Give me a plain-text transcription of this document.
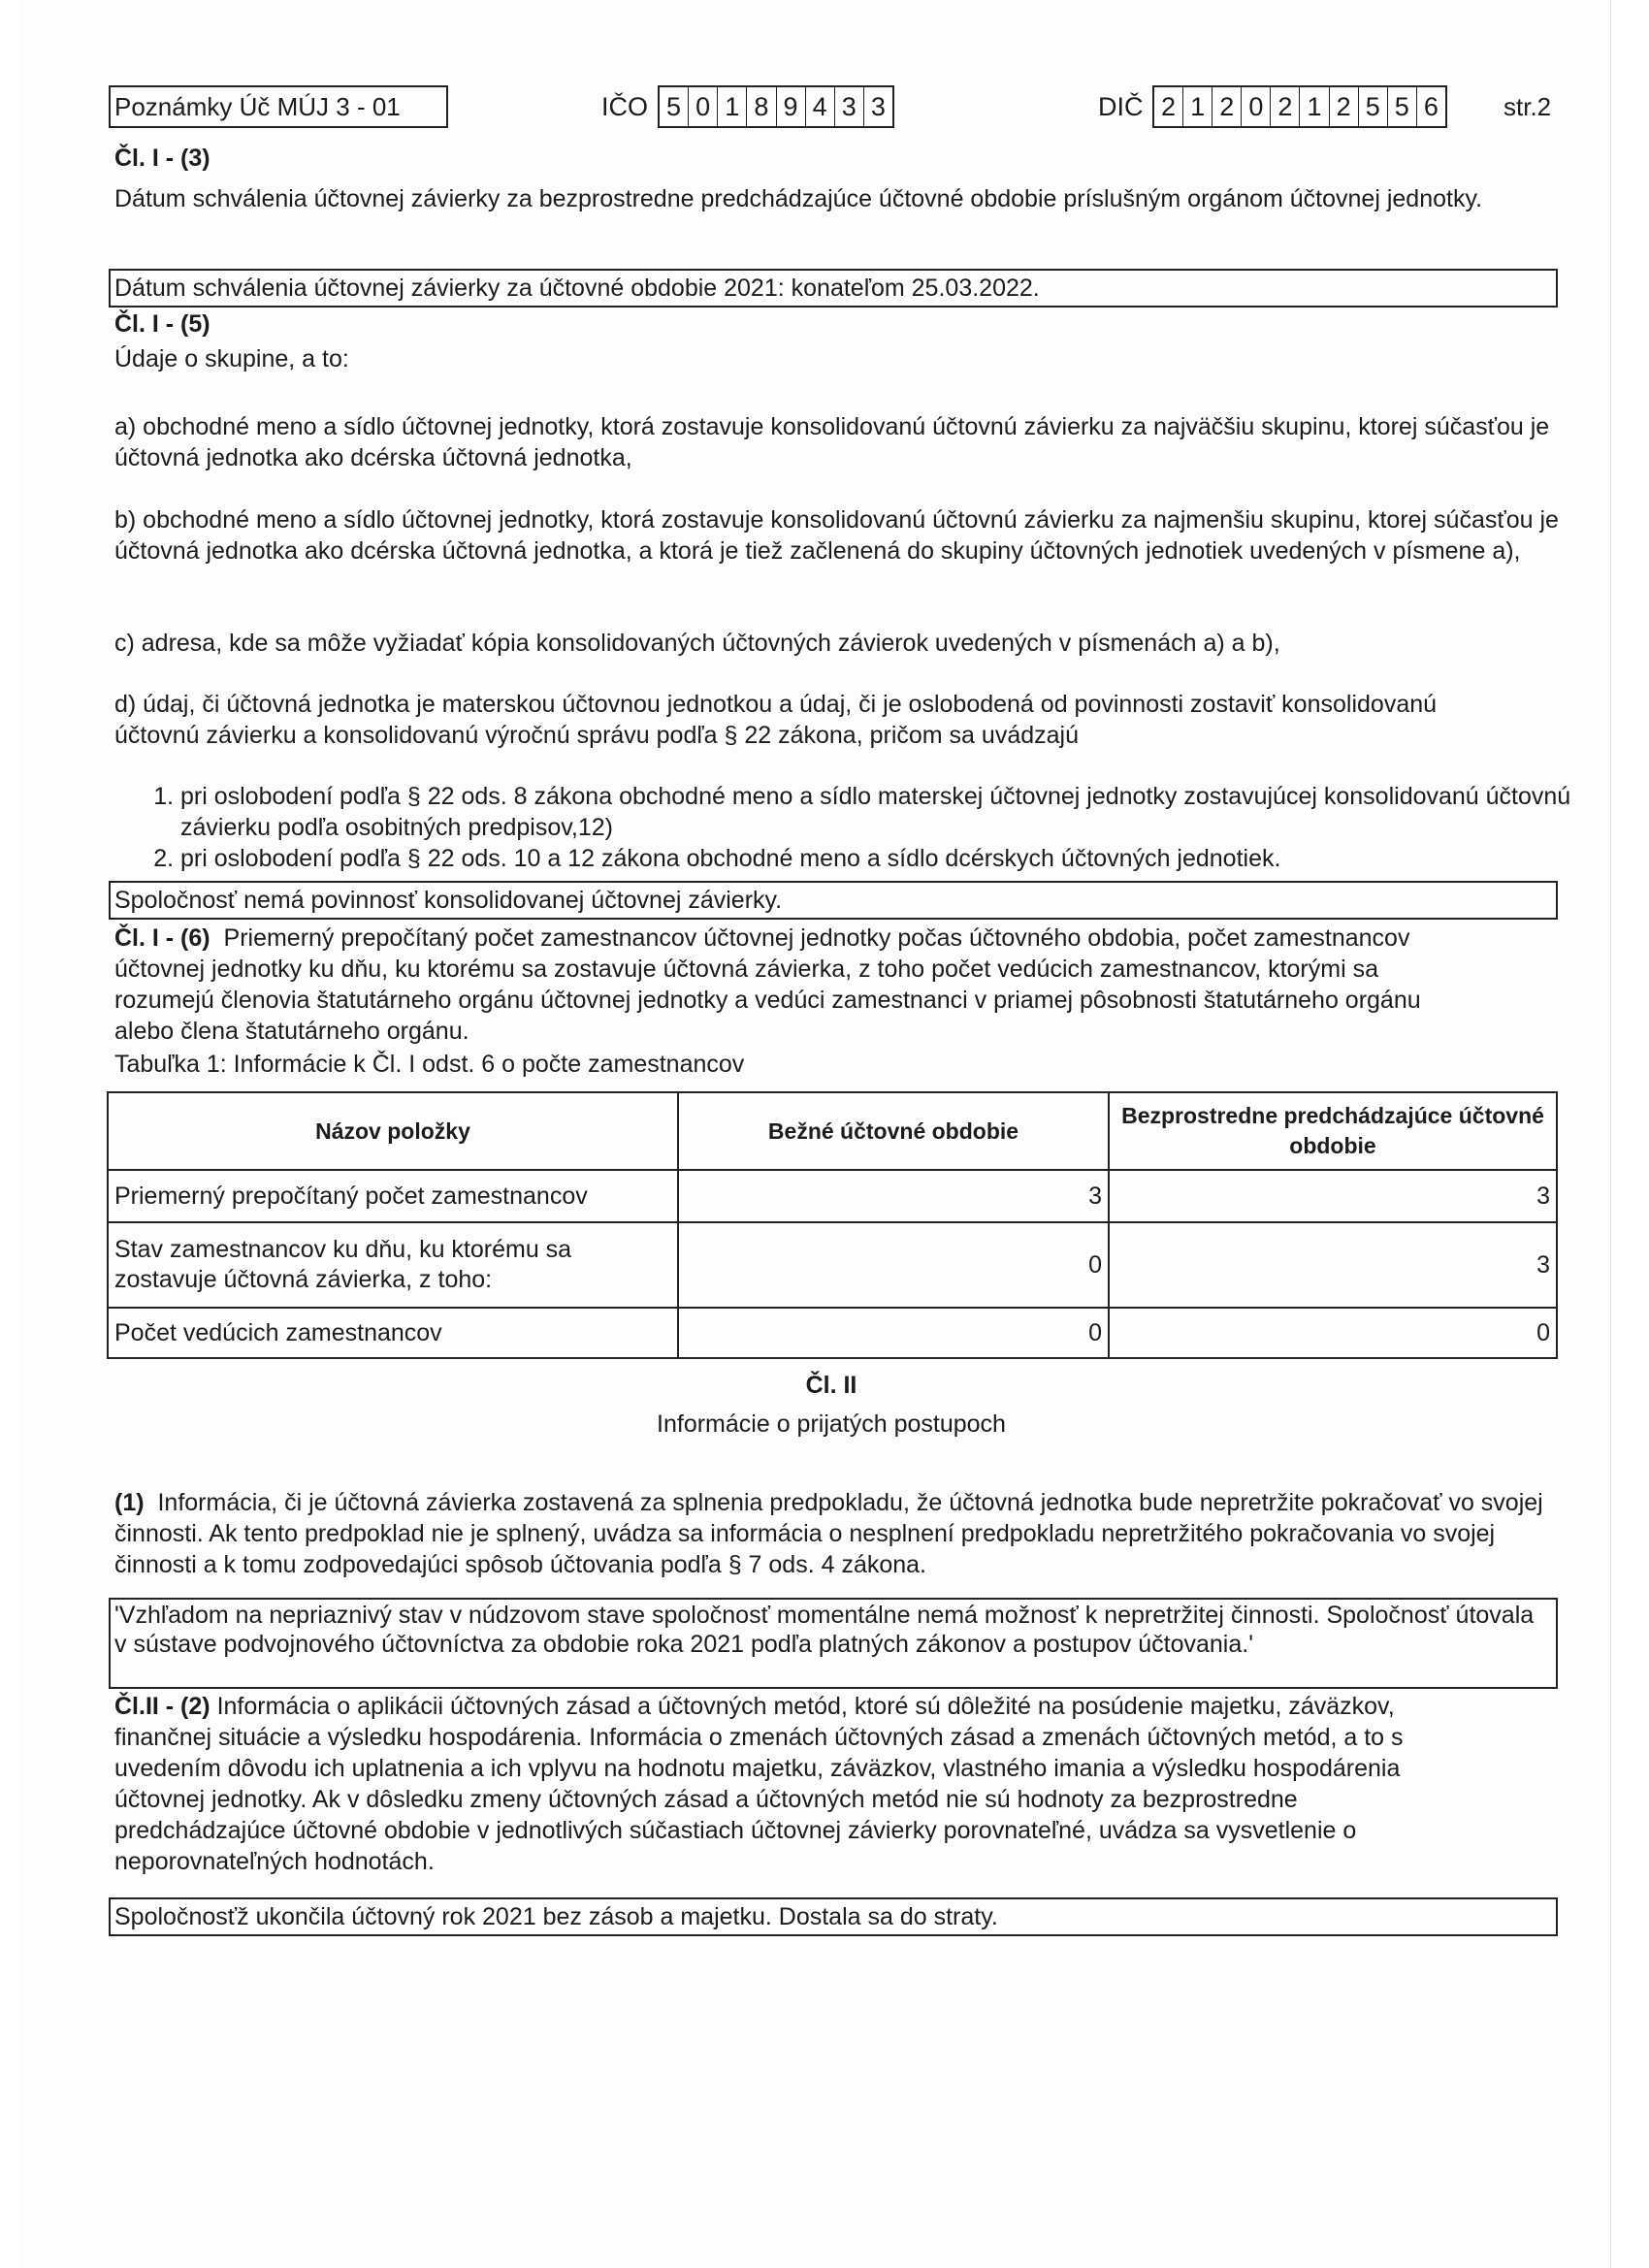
Poznámky Úč MÚJ 3 - 01	IČO 5 0 1 8 9 4 3 3	DIČ 2 1 2 0 2 1 2 5 5 6	str.2
Čl. I - (3)
Dátum schválenia účtovnej závierky za bezprostredne predchádzajúce účtovné obdobie príslušným orgánom účtovnej jednotky.
Dátum schválenia účtovnej závierky za účtovné obdobie 2021: konateľom 25.03.2022.
Čl. I - (5)
Údaje o skupine, a to:
a) obchodné meno a sídlo účtovnej jednotky, ktorá zostavuje konsolidovanú účtovnú závierku za najväčšiu skupinu, ktorej súčasťou je účtovná jednotka ako dcérska účtovná jednotka,
b) obchodné meno a sídlo účtovnej jednotky, ktorá zostavuje konsolidovanú účtovnú závierku za najmenšiu skupinu, ktorej súčasťou je účtovná jednotka ako dcérska účtovná jednotka, a ktorá je tiež začlenená do skupiny účtovných jednotiek uvedených v písmene a),
c) adresa, kde sa môže vyžiadať kópia konsolidovaných účtovných závierok uvedených v písmenách a) a b),
d) údaj, či účtovná jednotka je materskou účtovnou jednotkou a údaj, či je oslobodená od povinnosti zostaviť konsolidovanú účtovnú závierku a konsolidovanú výročnú správu podľa § 22 zákona, pričom sa uvádzajú
1. pri oslobodení podľa § 22 ods. 8 zákona obchodné meno a sídlo materskej účtovnej jednotky zostavujúcej konsolidovanú účtovnú závierku podľa osobitných predpisov,12)
2. pri oslobodení podľa § 22 ods. 10 a 12 zákona obchodné meno a sídlo dcérskych účtovných jednotiek.
Spoločnosť nemá povinnosť konsolidovanej účtovnej závierky.
Čl. I - (6) Priemerný prepočítaný počet zamestnancov účtovnej jednotky počas účtovného obdobia, počet zamestnancov účtovnej jednotky ku dňu, ku ktorému sa zostavuje účtovná závierka, z toho počet vedúcich zamestnancov, ktorými sa rozumejú členovia štatutárneho orgánu účtovnej jednotky a vedúci zamestnanci v priamej pôsobnosti štatutárneho orgánu alebo člena štatutárneho orgánu.
Tabuľka 1: Informácie k Čl. I odst. 6 o počte zamestnancov
Názov položky	Bežné účtovné obdobie	Bezprostredne predchádzajúce účtovné obdobie
Priemerný prepočítaný počet zamestnancov	3	3

Stav zamestnancov ku dňu, ku ktorému sa zostavuje účtovná závierka, z toho:	0	3
Počet vedúcich zamestnancov	0	0
Čl. II
Informácie o prijatých postupoch
(1) Informácia, či je účtovná závierka zostavená za splnenia predpokladu, že účtovná jednotka bude nepretržite pokračovať vo svojej činnosti. Ak tento predpoklad nie je splnený, uvádza sa informácia o nesplnení predpokladu nepretržitého pokračovania vo svojej činnosti a k tomu zodpovedajúci spôsob účtovania podľa § 7 ods. 4 zákona.
'Vzhľadom na nepriaznivý stav v núdzovom stave spoločnosť momentálne nemá možnosť k nepretržitej činnosti. Spoločnosť útovala v sústave podvojnového účtovníctva za obdobie roka 2021 podľa platných zákonov a postupov účtovania.'
Čl.II - (2) Informácia o aplikácii účtovných zásad a účtovných metód, ktoré sú dôležité na posúdenie majetku, záväzkov, finančnej situácie a výsledku hospodárenia. Informácia o zmenách účtovných zásad a zmenách účtovných metód, a to s uvedením dôvodu ich uplatnenia a ich vplyvu na hodnotu majetku, záväzkov, vlastného imania a výsledku hospodárenia účtovnej jednotky. Ak v dôsledku zmeny účtovných zásad a účtovných metód nie sú hodnoty za bezprostredne predchádzajúce účtovné obdobie v jednotlivých súčastiach účtovnej závierky porovnateľné, uvádza sa vysvetlenie o neporovnateľných hodnotách.
Spoločnosťž ukončila účtovný rok 2021 bez zásob a majetku. Dostala sa do straty.
